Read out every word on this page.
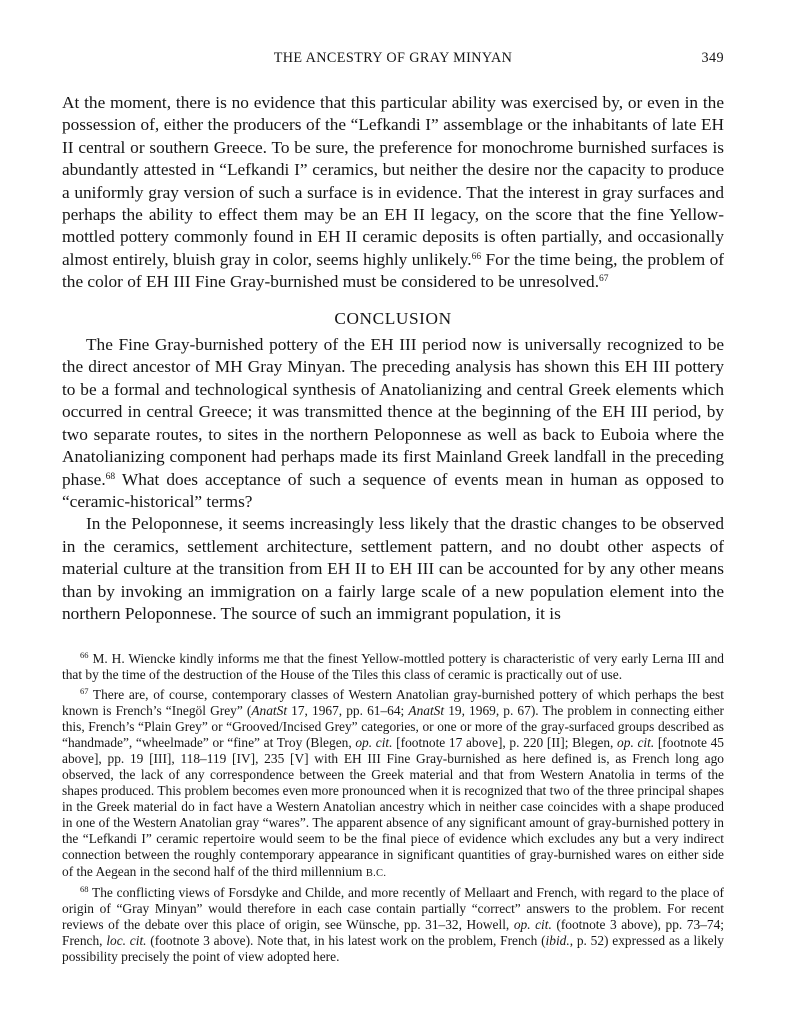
THE ANCESTRY OF GRAY MINYAN	349

At the moment, there is no evidence that this particular ability was exercised by, or even in the possession of, either the producers of the “Lefkandi I” assemblage or the inhabitants of late EH II central or southern Greece. To be sure, the preference for monochrome burnished surfaces is abundantly attested in “Lefkandi I” ceramics, but neither the desire nor the capacity to produce a uniformly gray version of such a surface is in evidence. That the interest in gray surfaces and perhaps the ability to effect them may be an EH II legacy, on the score that the fine Yellow-mottled pottery commonly found in EH II ceramic deposits is often partially, and occasionally almost entirely, bluish gray in color, seems highly unlikely.$^{66}$ For the time being, the problem of the color of EH III Fine Gray-burnished must be considered to be unresolved.$^{67}$

CONCLUSION

The Fine Gray-burnished pottery of the EH III period now is universally recognized to be the direct ancestor of MH Gray Minyan. The preceding analysis has shown this EH III pottery to be a formal and technological synthesis of Anatolianizing and central Greek elements which occurred in central Greece; it was transmitted thence at the beginning of the EH III period, by two separate routes, to sites in the northern Peloponnese as well as back to Euboia where the Anatolianizing component had perhaps made its first Mainland Greek landfall in the preceding phase.$^{68}$ What does acceptance of such a sequence of events mean in human as opposed to “ceramic-historical” terms?

In the Peloponnese, it seems increasingly less likely that the drastic changes to be observed in the ceramics, settlement architecture, settlement pattern, and no doubt other aspects of material culture at the transition from EH II to EH III can be accounted for by any other means than by invoking an immigration on a fairly large scale of a new population element into the northern Peloponnese. The source of such an immigrant population, it is

$^{66}$ M. H. Wiencke kindly informs me that the finest Yellow-mottled pottery is characteristic of very early Lerna III and that by the time of the destruction of the House of the Tiles this class of ceramic is practically out of use.

$^{67}$ There are, of course, contemporary classes of Western Anatolian gray-burnished pottery of which perhaps the best known is French’s “Inegöl Grey” (AnatSt 17, 1967, pp. 61–64; AnatSt 19, 1969, p. 67). The problem in connecting either this, French’s “Plain Grey” or “Grooved/Incised Grey” categories, or one or more of the gray-surfaced groups described as “handmade”, “wheelmade” or “fine” at Troy (Blegen, op. cit. [footnote 17 above], p. 220 [II]; Blegen, op. cit. [footnote 45 above], pp. 19 [III], 118–119 [IV], 235 [V] with EH III Fine Gray-burnished as here defined is, as French long ago observed, the lack of any correspondence between the Greek material and that from Western Anatolia in terms of the shapes produced. This problem becomes even more pronounced when it is recognized that two of the three principal shapes in the Greek material do in fact have a Western Anatolian ancestry which in neither case coincides with a shape produced in one of the Western Anatolian gray “wares”. The apparent absence of any significant amount of gray-burnished pottery in the “Lefkandi I” ceramic repertoire would seem to be the final piece of evidence which excludes any but a very indirect connection between the roughly contemporary appearance in significant quantities of gray-burnished wares on either side of the Aegean in the second half of the third millennium B.C.

$^{68}$ The conflicting views of Forsdyke and Childe, and more recently of Mellaart and French, with regard to the place of origin of “Gray Minyan” would therefore in each case contain partially “correct” answers to the problem. For recent reviews of the debate over this place of origin, see Wünsche, pp. 31–32, Howell, op. cit. (footnote 3 above), pp. 73–74; French, loc. cit. (footnote 3 above). Note that, in his latest work on the problem, French (ibid., p. 52) expressed as a likely possibility precisely the point of view adopted here.
